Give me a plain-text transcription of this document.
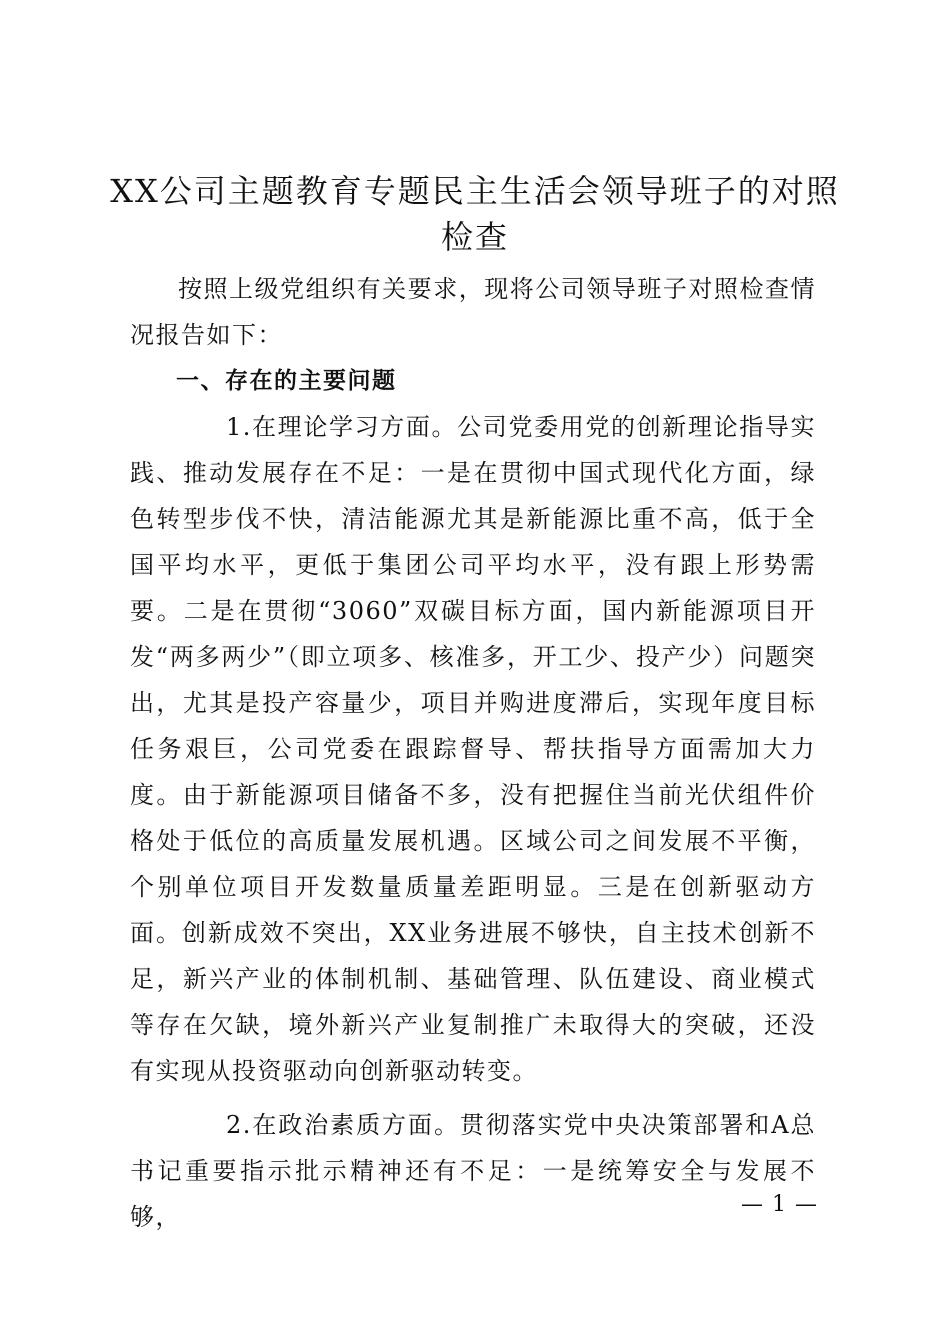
XX公司主题教育专题民主生活会领导班子的对照检查

按照上级党组织有关要求，现将公司领导班子对照检查情况报告如下：

一、存在的主要问题

1.在理论学习方面。公司党委用党的创新理论指导实践、推动发展存在不足：一是在贯彻中国式现代化方面，绿色转型步伐不快，清洁能源尤其是新能源比重不高，低于全国平均水平，更低于集团公司平均水平，没有跟上形势需要。二是在贯彻“3060”双碳目标方面，国内新能源项目开发“两多两少”（即立项多、核准多，开工少、投产少）问题突出，尤其是投产容量少，项目并购进度滞后，实现年度目标任务艰巨，公司党委在跟踪督导、帮扶指导方面需加大力度。由于新能源项目储备不多，没有把握住当前光伏组件价格处于低位的高质量发展机遇。区域公司之间发展不平衡，个别单位项目开发数量质量差距明显。三是在创新驱动方面。创新成效不突出，XX业务进展不够快，自主技术创新不足，新兴产业的体制机制、基础管理、队伍建设、商业模式等存在欠缺，境外新兴产业复制推广未取得大的突破，还没有实现从投资驱动向创新驱动转变。

2.在政治素质方面。贯彻落实党中央决策部署和A总书记重要指示批示精神还有不足：一是统筹安全与发展不够，	— 1 —
